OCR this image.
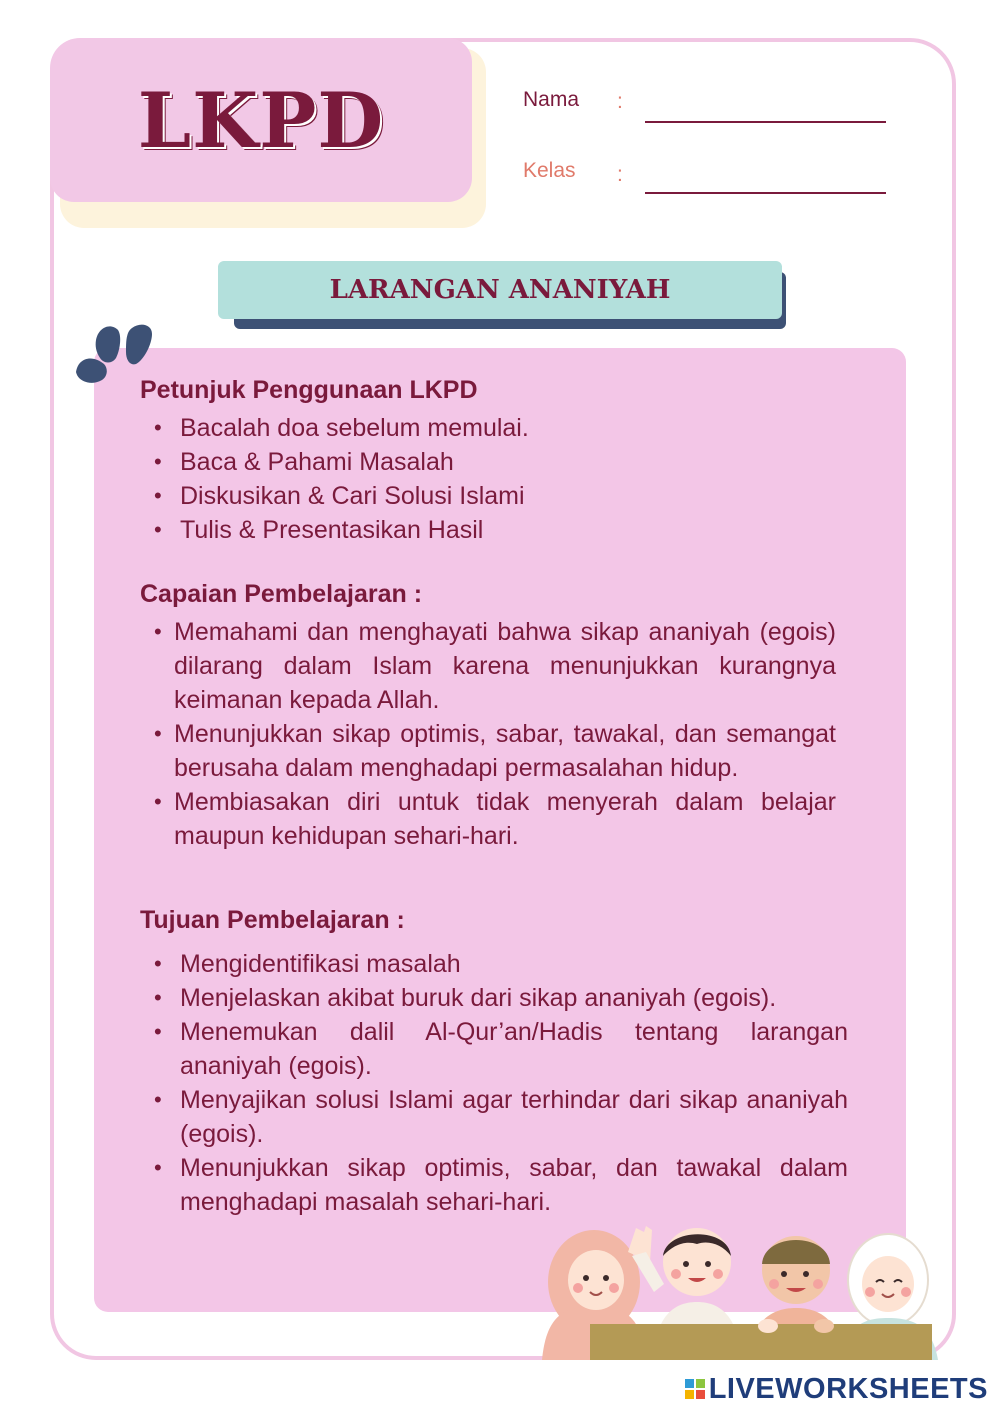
LKPD	Nama :
Kelas :
LARANGAN ANANIYAH
Petunjuk Penggunaan LKPD
• Bacalah doa sebelum memulai.
• Baca & Pahami Masalah
• Diskusikan & Cari Solusi Islami
• Tulis & Presentasikan Hasil
Capaian Pembelajaran :
• Memahami dan menghayati bahwa sikap ananiyah (egois) dilarang dalam Islam karena menunjukkan kurangnya keimanan kepada Allah.
• Menunjukkan sikap optimis, sabar, tawakal, dan semangat berusaha dalam menghadapi permasalahan hidup.
• Membiasakan diri untuk tidak menyerah dalam belajar maupun kehidupan sehari-hari.
Tujuan Pembelajaran :
• Mengidentifikasi masalah
• Menjelaskan akibat buruk dari sikap ananiyah (egois).
• Menemukan dalil Al-Qur’an/Hadis tentang larangan ananiyah (egois).
• Menyajikan solusi Islami agar terhindar dari sikap ananiyah (egois).
• Menunjukkan sikap optimis, sabar, dan tawakal dalam menghadapi masalah sehari-hari.
LIVEWORKSHEETS
